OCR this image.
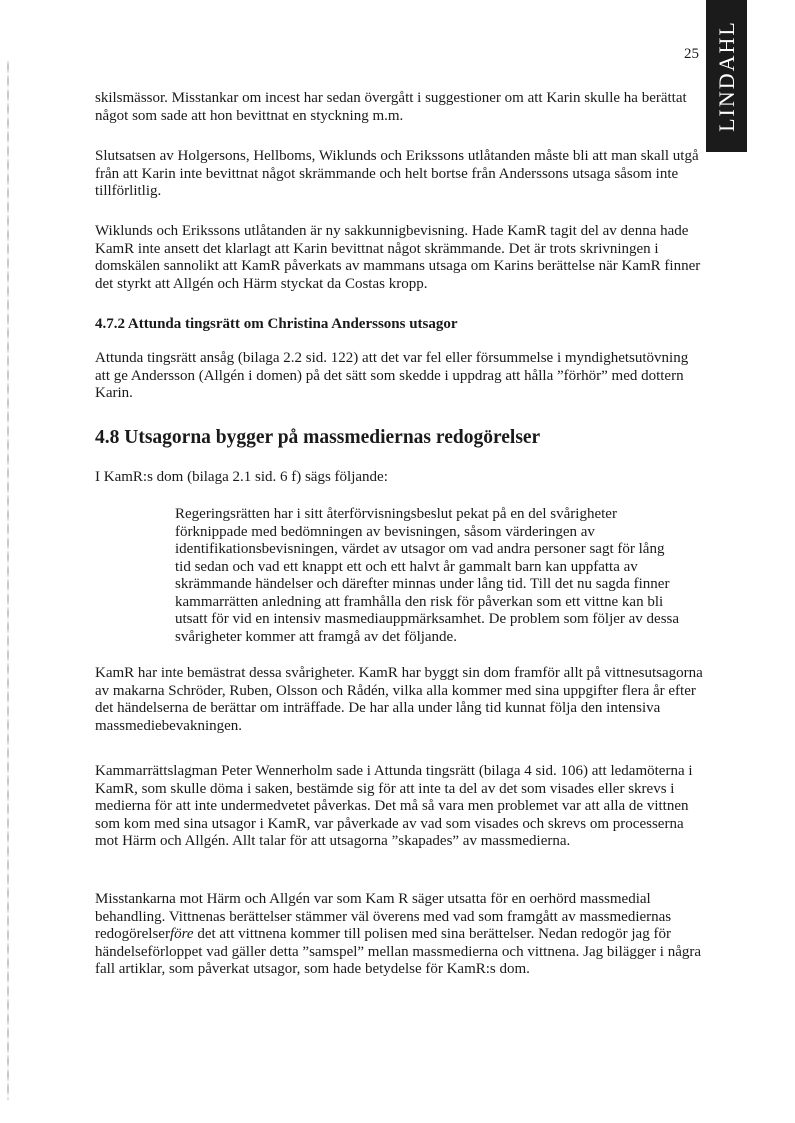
25 LINDAHL

skilsmässor. Misstankar om incest har sedan övergått i suggestioner om att Karin skulle ha berättat något som sade att hon bevittnat en styckning m.m.

Slutsatsen av Holgersons, Hellboms, Wiklunds och Erikssons utlåtanden måste bli att man skall utgå från att Karin inte bevittnat något skrämmande och helt bortse från Anderssons utsaga såsom inte tillförlitlig.

Wiklunds och Erikssons utlåtanden är ny sakkunnigbevisning. Hade KamR tagit del av denna hade KamR inte ansett det klarlagt att Karin bevittnat något skrämmande. Det är trots skrivningen i domskälen sannolikt att KamR påverkats av mammans utsaga om Karins berättelse när KamR finner det styrkt att Allgén och Härm styckat da Costas kropp.

4.7.2 Attunda tingsrätt om Christina Anderssons utsagor

Attunda tingsrätt ansåg (bilaga 2.2 sid. 122) att det var fel eller försummelse i myndighetsutövning att ge Andersson (Allgén i domen) på det sätt som skedde i uppdrag att hålla ”förhör” med dottern Karin.

4.8 Utsagorna bygger på massmediernas redogörelser

I KamR:s dom (bilaga 2.1 sid. 6 f) sägs följande:

Regeringsrätten har i sitt återförvisningsbeslut pekat på en del svårigheter förknippade med bedömningen av bevisningen, såsom värderingen av identifikationsbevisningen, värdet av utsagor om vad andra personer sagt för lång tid sedan och vad ett knappt ett och ett halvt år gammalt barn kan uppfatta av skrämmande händelser och därefter minnas under lång tid. Till det nu sagda finner kammarrätten anledning att framhålla den risk för påverkan som ett vittne kan bli utsatt för vid en intensiv masmediauppmärksamhet. De problem som följer av dessa svårigheter kommer att framgå av det följande.

KamR har inte bemästrat dessa svårigheter. KamR har byggt sin dom framför allt på vittnesutsagorna av makarna Schröder, Ruben, Olsson och Rådén, vilka alla kommer med sina uppgifter flera år efter det händelserna de berättar om inträffade. De har alla under lång tid kunnat följa den intensiva massmediebevakningen.

Kammarrättslagman Peter Wennerholm sade i Attunda tingsrätt (bilaga 4 sid. 106) att ledamöterna i KamR, som skulle döma i saken, bestämde sig för att inte ta del av det som visades eller skrevs i medierna för att inte undermedvetet påverkas. Det må så vara men problemet var att alla de vittnen som kom med sina utsagor i KamR, var påverkade av vad som visades och skrevs om processerna mot Härm och Allgén. Allt talar för att utsagorna ”skapades” av massmedierna.

Misstankarna mot Härm och Allgén var som Kam R säger utsatta för en oerhörd massmedial behandling. Vittnenas berättelser stämmer väl överens med vad som framgått av massmediernas redogörelserföre det att vittnena kommer till polisen med sina berättelser. Nedan redogör jag för händelseförloppet vad gäller detta ”samspel” mellan massmedierna och vittnena. Jag bilägger i några fall artiklar, som påverkat utsagor, som hade betydelse för KamR:s dom.
